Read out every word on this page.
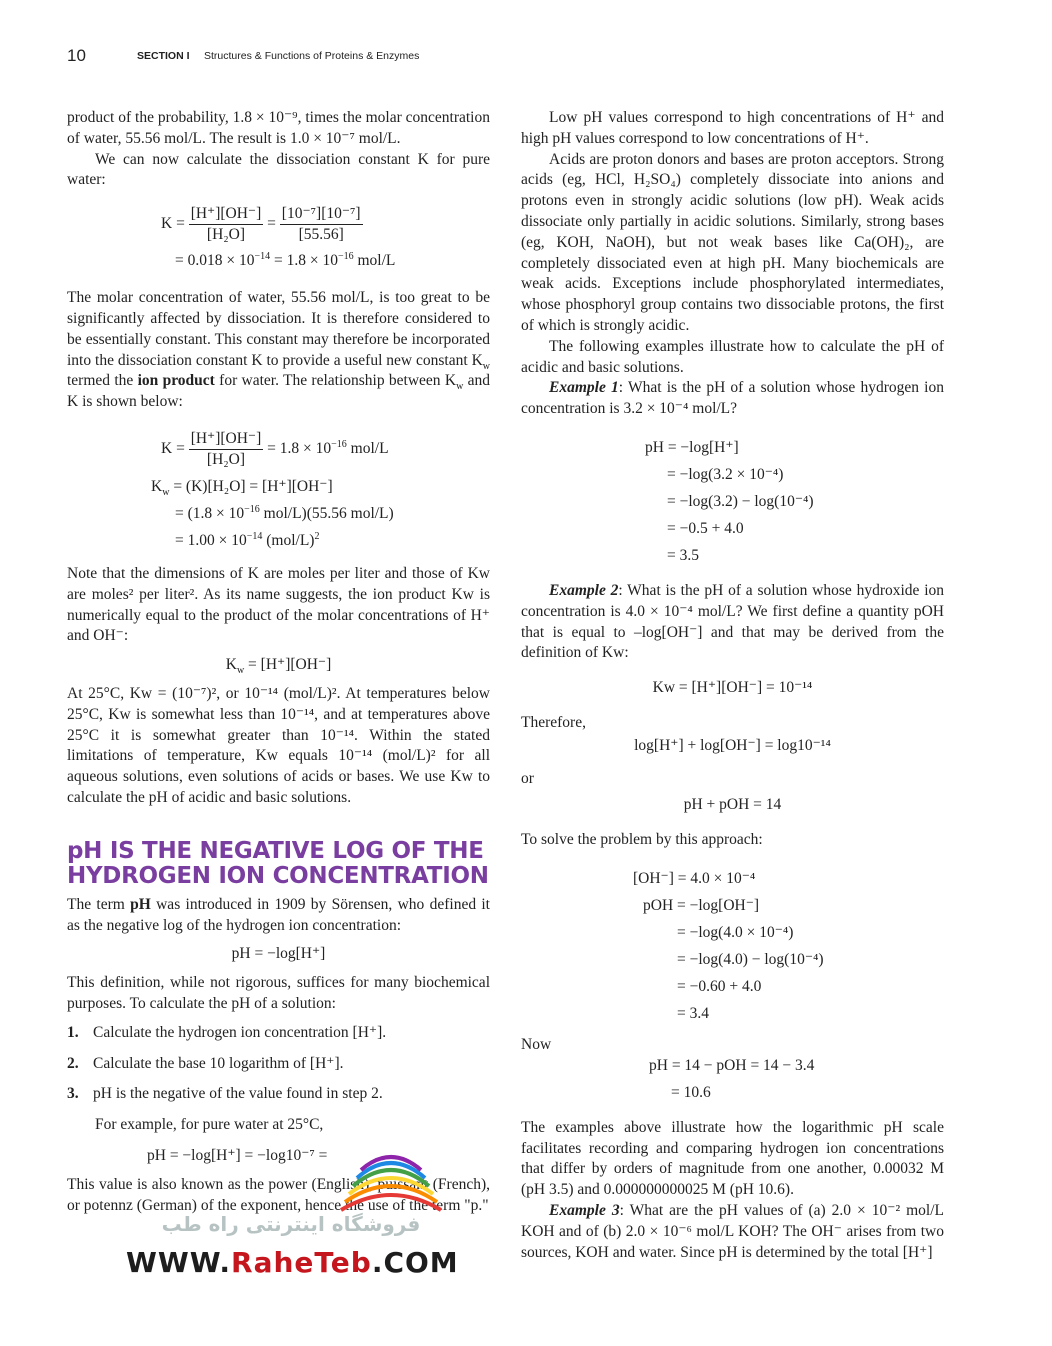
10	SECTION I Structures & Functions of Proteins & Enzymes

product of the probability, 1.8 × 10⁻⁹, times the molar concentration of water, 55.56 mol/L. The result is 1.0 × 10⁻⁷ mol/L.

We can now calculate the dissociation constant K for pure water:

$K = \frac{[H^+][OH^-]}{\text{[H₂O]}} = \frac{\text{[10⁻⁷][10⁻⁷]}}{[55.56]}$
= $0.018 \times 10^{-14} = 1.8 \times 10^{-16}$ mol/L

The molar concentration of water, 55.56 mol/L, is too great to be significantly affected by dissociation. It is therefore considered to be essentially constant. This constant may therefore be incorporated into the dissociation constant K to provide a useful new constant $K_w$ termed the ion product for water. The relationship between $K_w$ and K is shown below:

$K = \frac{[H^+][OH^-]}{\text{[H₂O]}} = 1.8 \times 10^{-16}$ mol/L
$K_w = (K)[H_2O] = [H^+][OH^-]$
= ($1.8 \times 10^{-16}$ mol/L)(55.56 mol/L)
= $1.00 \times 10^{-14}$ $(mol/L)^2$

Note that the dimensions of K are moles per liter and those of Kw are moles² per liter². As its name suggests, the ion product Kw is numerically equal to the product of the molar concentrations of H⁺ and OH⁻:

$K_w = [H^+][OH^-]$

At 25°C, Kw = (10⁻⁷)², or 10⁻¹⁴ (mol/L)². At temperatures below 25°C, Kw is somewhat less than 10⁻¹⁴, and at temperatures above 25°C it is somewhat greater than 10⁻¹⁴. Within the stated limitations of temperature, Kw equals 10⁻¹⁴ (mol/L)² for all aqueous solutions, even solutions of acids or bases. We use Kw to calculate the pH of acidic and basic solutions.

pH IS THE NEGATIVE LOG OF THE HYDROGEN ION CONCENTRATION

The term pH was introduced in 1909 by Sörensen, who defined it as the negative log of the hydrogen ion concentration:

pH = −log[H⁺]

This definition, while not rigorous, suffices for many biochemical purposes. To calculate the pH of a solution:

1. Calculate the hydrogen ion concentration [H⁺].
2. Calculate the base 10 logarithm of [H⁺].
3. pH is the negative of the value found in step 2.

For example, for pure water at 25°C,

pH = −log[H⁺] = −log10⁻⁷ =

This value is also known as the power (English), puissant (French), or potennz (German) of the exponent, hence the use of the term "p."

Low pH values correspond to high concentrations of H⁺ and high pH values correspond to low concentrations of H⁺.

Acids are proton donors and bases are proton acceptors. Strong acids (eg, HCl, H₂SO₄) completely dissociate into anions and protons even in strongly acidic solutions (low pH). Weak acids dissociate only partially in acidic solutions. Similarly, strong bases (eg, KOH, NaOH), but not weak bases like Ca(OH)₂, are completely dissociated even at high pH. Many biochemicals are weak acids. Exceptions include phosphorylated intermediates, whose phosphoryl group contains two dissociable protons, the first of which is strongly acidic.

The following examples illustrate how to calculate the pH of acidic and basic solutions.

Example 1: What is the pH of a solution whose hydrogen ion concentration is 3.2 × 10⁻⁴ mol/L?

pH = −log[H⁺]
= −log(3.2 × 10⁻⁴)
= −log(3.2) − log(10⁻⁴)
= −0.5 + 4.0
= 3.5

Example 2: What is the pH of a solution whose hydroxide ion concentration is 4.0 × 10⁻⁴ mol/L? We first define a quantity pOH that is equal to –log[OH⁻] and that may be derived from the definition of Kw:

Kw = [H⁺][OH⁻] = 10⁻¹⁴

Therefore,

log[H⁺] + log[OH⁻] = log10⁻¹⁴

or

pH + pOH = 14

To solve the problem by this approach:

[OH⁻] = 4.0 × 10⁻⁴
pOH = −log[OH⁻]
= −log(4.0 × 10⁻⁴)
= −log(4.0) − log(10⁻⁴)
= −0.60 + 4.0
= 3.4

Now

pH = 14 − pOH = 14 − 3.4
= 10.6

The examples above illustrate how the logarithmic pH scale facilitates recording and comparing hydrogen ion concentrations that differ by orders of magnitude from one another, 0.00032 M (pH 3.5) and 0.000000000025 M (pH 10.6).

Example 3: What are the pH values of (a) 2.0 × 10⁻² mol/L KOH and of (b) 2.0 × 10⁻⁶ mol/L KOH? The OH⁻ arises from two sources, KOH and water. Since pH is determined by the total [H⁺]

فروشگاه اینترنتی راه طب
WWW.RaheTeb.COM
